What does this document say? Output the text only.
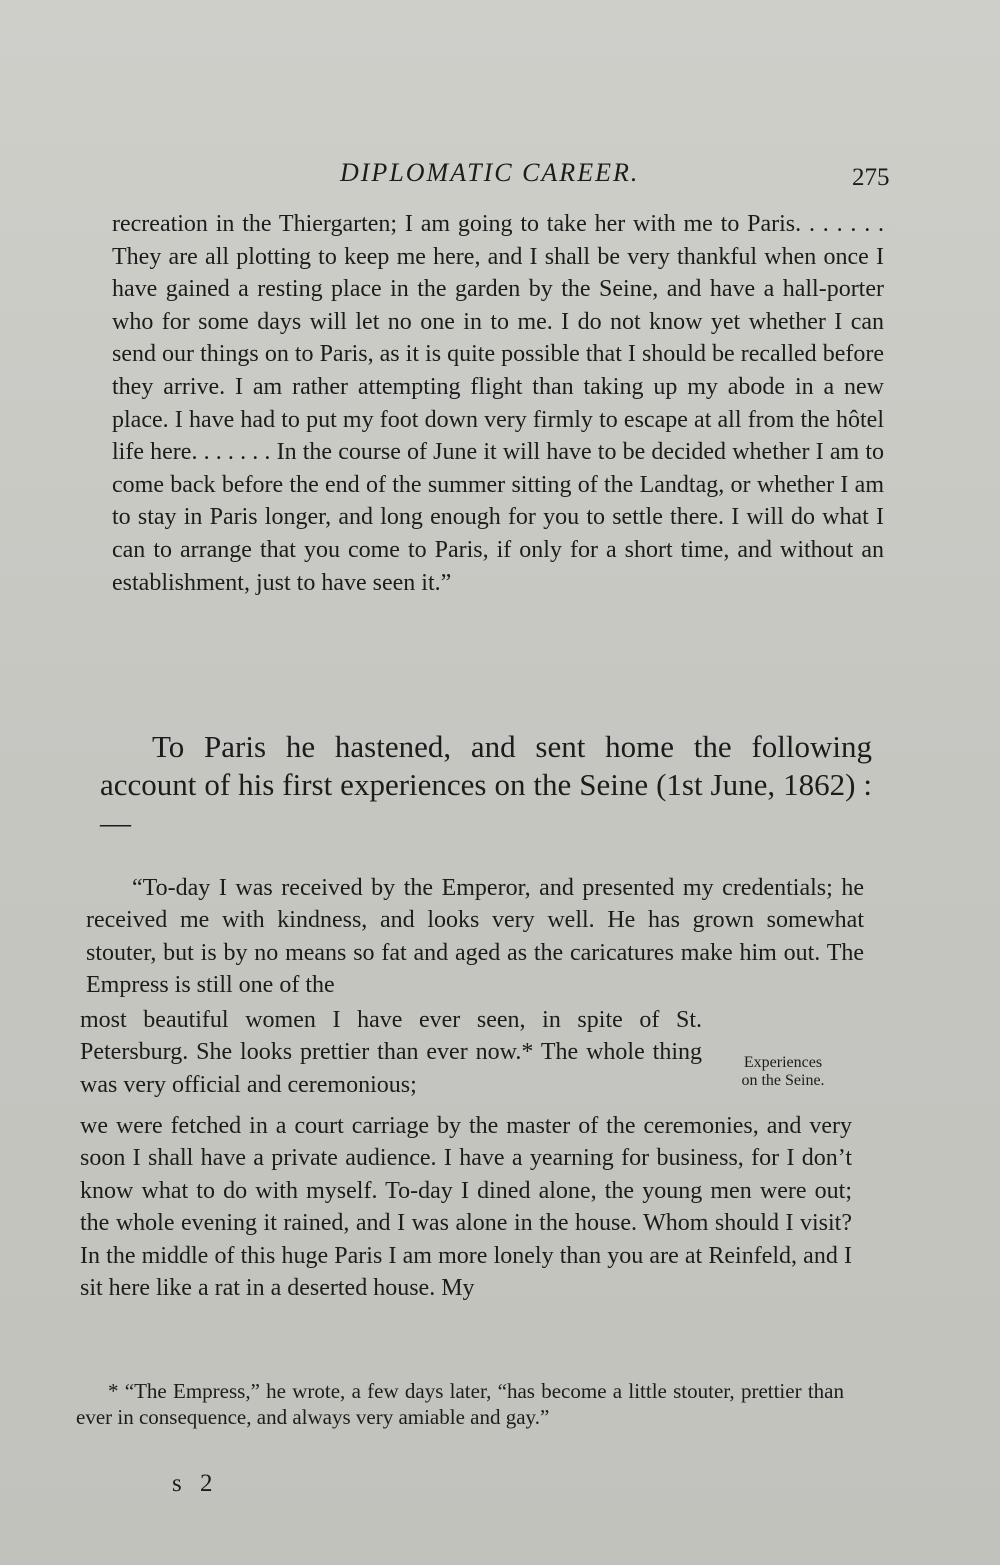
DIPLOMATIC CAREER.	275

recreation in the Thiergarten; I am going to take her with me to Paris. . . . . . . They are all plotting to keep me here, and I shall be very thankful when once I have gained a resting place in the garden by the Seine, and have a hall-porter who for some days will let no one in to me. I do not know yet whether I can send our things on to Paris, as it is quite possible that I should be recalled before they arrive. I am rather attempting flight than taking up my abode in a new place. I have had to put my foot down very firmly to escape at all from the hôtel life here. . . . . . . In the course of June it will have to be decided whether I am to come back before the end of the summer sitting of the Landtag, or whether I am to stay in Paris longer, and long enough for you to settle there. I will do what I can to arrange that you come to Paris, if only for a short time, and without an establishment, just to have seen it.”

To Paris he hastened, and sent home the following account of his first experiences on the Seine (1st June, 1862) :—

“To-day I was received by the Emperor, and presented my credentials; he received me with kindness, and looks very well. He has grown somewhat stouter, but is by no means so fat and aged as the caricatures make him out. The Empress is still one of the

most beautiful women I have ever seen, in spite of St. Petersburg. She looks prettier than ever now.* The whole thing was very official and ceremonious;

Experiences
on the Seine.

we were fetched in a court carriage by the master of the ceremonies, and very soon I shall have a private audience. I have a yearning for business, for I don’t know what to do with myself. To-day I dined alone, the young men were out; the whole evening it rained, and I was alone in the house. Whom should I visit? In the middle of this huge Paris I am more lonely than you are at Reinfeld, and I sit here like a rat in a deserted house. My

* “The Empress,” he wrote, a few days later, “has become a little stouter, prettier than ever in consequence, and always very amiable and gay.”

s 2
